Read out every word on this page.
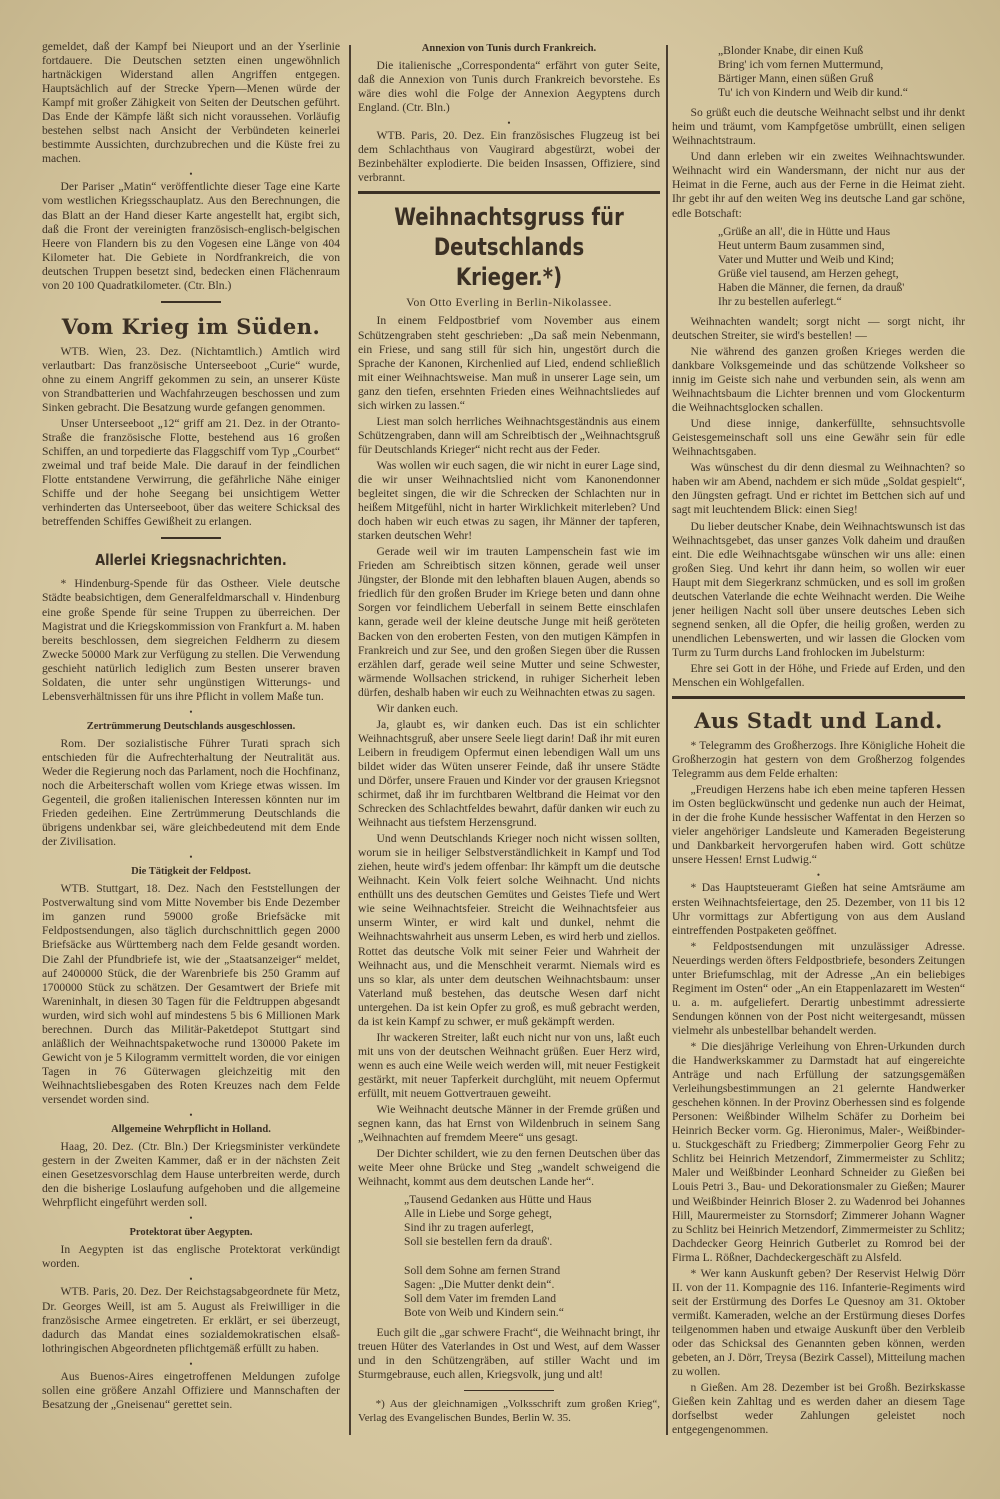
gemeldet, daß der Kampf bei Nieuport und an der Yserlinie fortdauere. Die Deutschen setzten einen ungewöhnlich hartnäckigen Widerstand allen Angriffen entgegen. Hauptsächlich auf der Strecke Ypern—Menen würde der Kampf mit großer Zähigkeit von Seiten der Deutschen geführt. Das Ende der Kämpfe läßt sich nicht voraussehen. Vorläufig bestehen selbst nach Ansicht der Verbündeten keinerlei bestimmte Aussichten, durchzubrechen und die Küste frei zu machen.
•
Der Pariser „Matin“ veröffentlichte dieser Tage eine Karte vom westlichen Kriegsschauplatz. Aus den Berechnungen, die das Blatt an der Hand dieser Karte angestellt hat, ergibt sich, daß die Front der vereinigten französisch-englisch-belgischen Heere von Flandern bis zu den Vogesen eine Länge von 404 Kilometer hat. Die Gebiete in Nordfrankreich, die von deutschen Truppen besetzt sind, bedecken einen Flächenraum von 20 100 Quadratkilometer. (Ctr. Bln.)
Vom Krieg im Süden.
WTB. Wien, 23. Dez. (Nichtamtlich.) Amtlich wird verlautbart: Das französische Unterseeboot „Curie“ wurde, ohne zu einem Angriff gekommen zu sein, an unserer Küste von Strandbatterien und Wachfahrzeugen beschossen und zum Sinken gebracht. Die Besatzung wurde gefangen genommen.
Unser Unterseeboot „12“ griff am 21. Dez. in der Otranto-Straße die französische Flotte, bestehend aus 16 großen Schiffen, an und torpedierte das Flaggschiff vom Typ „Courbet“ zweimal und traf beide Male. Die darauf in der feindlichen Flotte entstandene Verwirrung, die gefährliche Nähe einiger Schiffe und der hohe Seegang bei unsichtigem Wetter verhinderten das Unterseeboot, über das weitere Schicksal des betreffenden Schiffes Gewißheit zu erlangen.
Allerlei Kriegsnachrichten.
* Hindenburg-Spende für das Ostheer. Viele deutsche Städte beabsichtigen, dem Generalfeldmarschall v. Hindenburg eine große Spende für seine Truppen zu überreichen. Der Magistrat und die Kriegskommission von Frankfurt a. M. haben bereits beschlossen, dem siegreichen Feldherrn zu diesem Zwecke 50000 Mark zur Verfügung zu stellen. Die Verwendung geschieht natürlich lediglich zum Besten unserer braven Soldaten, die unter sehr ungünstigen Witterungs- und Lebensverhältnissen für uns ihre Pflicht in vollem Maße tun.
•
Zertrümmerung Deutschlands ausgeschlossen.
Rom. Der sozialistische Führer Turati sprach sich entschieden für die Aufrechterhaltung der Neutralität aus. Weder die Regierung noch das Parlament, noch die Hochfinanz, noch die Arbeiterschaft wollen vom Kriege etwas wissen. Im Gegenteil, die großen italienischen Interessen könnten nur im Frieden gedeihen. Eine Zertrümmerung Deutschlands die übrigens undenkbar sei, wäre gleichbedeutend mit dem Ende der Zivilisation.
•
Die Tätigkeit der Feldpost.
WTB. Stuttgart, 18. Dez. Nach den Feststellungen der Postverwaltung sind vom Mitte November bis Ende Dezember im ganzen rund 59000 große Briefsäcke mit Feldpostsendungen, also täglich durchschnittlich gegen 2000 Briefsäcke aus Württemberg nach dem Felde gesandt worden. Die Zahl der Pfundbriefe ist, wie der „Staatsanzeiger“ meldet, auf 2400000 Stück, die der Warenbriefe bis 250 Gramm auf 1700000 Stück zu schätzen. Der Gesamtwert der Briefe mit Wareninhalt, in diesen 30 Tagen für die Feldtruppen abgesandt wurden, wird sich wohl auf mindestens 5 bis 6 Millionen Mark berechnen. Durch das Militär-Paketdepot Stuttgart sind anläßlich der Weihnachtspaketwoche rund 130000 Pakete im Gewicht von je 5 Kilogramm vermittelt worden, die vor einigen Tagen in 76 Güterwagen gleichzeitig mit den Weihnachtsliebesgaben des Roten Kreuzes nach dem Felde versendet worden sind.
•
Allgemeine Wehrpflicht in Holland.
Haag, 20. Dez. (Ctr. Bln.) Der Kriegsminister verkündete gestern in der Zweiten Kammer, daß er in der nächsten Zeit einen Gesetzesvorschlag dem Hause unterbreiten werde, durch den die bisherige Loslaufung aufgehoben und die allgemeine Wehrpflicht eingeführt werden soll.
•
Protektorat über Aegypten.
In Aegypten ist das englische Protektorat verkündigt worden.
•
WTB. Paris, 20. Dez. Der Reichstagsabgeordnete für Metz, Dr. Georges Weill, ist am 5. August als Freiwilliger in die französische Armee eingetreten. Er erklärt, er sei überzeugt, dadurch das Mandat eines sozialdemokratischen elsaß-lothringischen Abgeordneten pflichtgemäß erfüllt zu haben.
•
Aus Buenos-Aires eingetroffenen Meldungen zufolge sollen eine größere Anzahl Offiziere und Mannschaften der Besatzung der „Gneisenau“ gerettet sein.
Annexion von Tunis durch Frankreich.
Die italienische „Correspondenta“ erfährt von guter Seite, daß die Annexion von Tunis durch Frankreich bevorstehe. Es wäre dies wohl die Folge der Annexion Aegyptens durch England. (Ctr. Bln.)
•
WTB. Paris, 20. Dez. Ein französisches Flugzeug ist bei dem Schlachthaus von Vaugirard abgestürzt, wobei der Bezinbehälter explodierte. Die beiden Insassen, Offiziere, sind verbrannt.
Weihnachtsgruss für Deutschlands Krieger.*)
Von Otto Everling in Berlin-Nikolassee.
In einem Feldpostbrief vom November aus einem Schützengraben steht geschrieben: „Da saß mein Nebenmann, ein Friese, und sang still für sich hin, ungestört durch die Sprache der Kanonen, Kirchenlied auf Lied, endend schließlich mit einer Weihnachtsweise. Man muß in unserer Lage sein, um ganz den tiefen, ersehnten Frieden eines Weihnachtsliedes auf sich wirken zu lassen.“
Liest man solch herrliches Weihnachtsgeständnis aus einem Schützengraben, dann will am Schreibtisch der „Weihnachtsgruß für Deutschlands Krieger“ nicht recht aus der Feder.
Was wollen wir euch sagen, die wir nicht in eurer Lage sind, die wir unser Weihnachtslied nicht vom Kanonendonner begleitet singen, die wir die Schrecken der Schlachten nur in heißem Mitgefühl, nicht in harter Wirklichkeit miterleben? Und doch haben wir euch etwas zu sagen, ihr Männer der tapferen, starken deutschen Wehr!
Gerade weil wir im trauten Lampenschein fast wie im Frieden am Schreibtisch sitzen können, gerade weil unser Jüngster, der Blonde mit den lebhaften blauen Augen, abends so friedlich für den großen Bruder im Kriege beten und dann ohne Sorgen vor feindlichem Ueberfall in seinem Bette einschlafen kann, gerade weil der kleine deutsche Junge mit heiß geröteten Backen von den eroberten Festen, von den mutigen Kämpfen in Frankreich und zur See, und den großen Siegen über die Russen erzählen darf, gerade weil seine Mutter und seine Schwester, wärmende Wollsachen strickend, in ruhiger Sicherheit leben dürfen, deshalb haben wir euch zu Weihnachten etwas zu sagen.
Wir danken euch.
Ja, glaubt es, wir danken euch. Das ist ein schlichter Weihnachtsgruß, aber unsere Seele liegt darin! Daß ihr mit euren Leibern in freudigem Opfermut einen lebendigen Wall um uns bildet wider das Wüten unserer Feinde, daß ihr unsere Städte und Dörfer, unsere Frauen und Kinder vor der grausen Kriegsnot schirmet, daß ihr im furchtbaren Weltbrand die Heimat vor den Schrecken des Schlachtfeldes bewahrt, dafür danken wir euch zu Weihnacht aus tiefstem Herzensgrund.
Und wenn Deutschlands Krieger noch nicht wissen sollten, worum sie in heiliger Selbstverständlichkeit in Kampf und Tod ziehen, heute wird's jedem offenbar: Ihr kämpft um die deutsche Weihnacht. Kein Volk feiert solche Weihnacht. Und nichts enthüllt uns des deutschen Gemütes und Geistes Tiefe und Wert wie seine Weihnachtsfeier. Streicht die Weihnachtsfeier aus unserm Winter, er wird kalt und dunkel, nehmt die Weihnachtswahrheit aus unserm Leben, es wird herb und ziellos. Rottet das deutsche Volk mit seiner Feier und Wahrheit der Weihnacht aus, und die Menschheit verarmt. Niemals wird es uns so klar, als unter dem deutschen Weihnachtsbaum: unser Vaterland muß bestehen, das deutsche Wesen darf nicht untergehen. Da ist kein Opfer zu groß, es muß gebracht werden, da ist kein Kampf zu schwer, er muß gekämpft werden.
Ihr wackeren Streiter, laßt euch nicht nur von uns, laßt euch mit uns von der deutschen Weihnacht grüßen. Euer Herz wird, wenn es auch eine Weile weich werden will, mit neuer Festigkeit gestärkt, mit neuer Tapferkeit durchglüht, mit neuem Opfermut erfüllt, mit neuem Gottvertrauen geweiht.
Wie Weihnacht deutsche Männer in der Fremde grüßen und segnen kann, das hat Ernst von Wildenbruch in seinem Sang „Weihnachten auf fremdem Meere“ uns gesagt.
Der Dichter schildert, wie zu den fernen Deutschen über das weite Meer ohne Brücke und Steg „wandelt schweigend die Weihnacht, kommt aus dem deutschen Lande her“.
„Tausend Gedanken aus Hütte und Haus
Alle in Liebe und Sorge gehegt,
Sind ihr zu tragen auferlegt,
Soll sie bestellen fern da drauß'.

Soll dem Sohne am fernen Strand
Sagen: „Die Mutter denkt dein“.
Soll dem Vater im fremden Land
Bote von Weib und Kindern sein.“
Euch gilt die „gar schwere Fracht“, die Weihnacht bringt, ihr treuen Hüter des Vaterlandes in Ost und West, auf dem Wasser und in den Schützengräben, auf stiller Wacht und im Sturmgebrause, euch allen, Kriegsvolk, jung und alt!
*) Aus der gleichnamigen „Volksschrift zum großen Krieg“, Verlag des Evangelischen Bundes, Berlin W. 35.
„Blonder Knabe, dir einen Kuß
Bring' ich vom fernen Muttermund,
Bärtiger Mann, einen süßen Gruß
Tu' ich von Kindern und Weib dir kund.“
So grüßt euch die deutsche Weihnacht selbst und ihr denkt heim und träumt, vom Kampfgetöse umbrüllt, einen seligen Weihnachtstraum.
Und dann erleben wir ein zweites Weihnachtswunder. Weihnacht wird ein Wandersmann, der nicht nur aus der Heimat in die Ferne, auch aus der Ferne in die Heimat zieht. Ihr gebt ihr auf den weiten Weg ins deutsche Land gar schöne, edle Botschaft:
„Grüße an all', die in Hütte und Haus
Heut unterm Baum zusammen sind,
Vater und Mutter und Weib und Kind;
Grüße viel tausend, am Herzen gehegt,
Haben die Männer, die fernen, da drauß'
Ihr zu bestellen auferlegt.“
Weihnachten wandelt; sorgt nicht — sorgt nicht, ihr deutschen Streiter, sie wird's bestellen! —
Nie während des ganzen großen Krieges werden die dankbare Volksgemeinde und das schützende Volksheer so innig im Geiste sich nahe und verbunden sein, als wenn am Weihnachtsbaum die Lichter brennen und vom Glockenturm die Weihnachtsglocken schallen.
Und diese innige, dankerfüllte, sehnsuchtsvolle Geistesgemeinschaft soll uns eine Gewähr sein für edle Weihnachtsgaben.
Was wünschest du dir denn diesmal zu Weihnachten? so haben wir am Abend, nachdem er sich müde „Soldat gespielt“, den Jüngsten gefragt. Und er richtet im Bettchen sich auf und sagt mit leuchtendem Blick: einen Sieg!
Du lieber deutscher Knabe, dein Weihnachtswunsch ist das Weihnachtsgebet, das unser ganzes Volk daheim und draußen eint. Die edle Weihnachtsgabe wünschen wir uns alle: einen großen Sieg. Und kehrt ihr dann heim, so wollen wir euer Haupt mit dem Siegerkranz schmücken, und es soll im großen deutschen Vaterlande die echte Weihnacht werden. Die Weihe jener heiligen Nacht soll über unsere deutsches Leben sich segnend senken, all die Opfer, die heilig großen, werden zu unendlichen Lebenswerten, und wir lassen die Glocken vom Turm zu Turm durchs Land frohlocken im Jubelsturm:
Ehre sei Gott in der Höhe, und Friede auf Erden, und den Menschen ein Wohlgefallen.
Aus Stadt und Land.
* Telegramm des Großherzogs. Ihre Königliche Hoheit die Großherzogin hat gestern von dem Großherzog folgendes Telegramm aus dem Felde erhalten:
„Freudigen Herzens habe ich eben meine tapferen Hessen im Osten beglückwünscht und gedenke nun auch der Heimat, in der die frohe Kunde hessischer Waffentat in den Herzen so vieler angehöriger Landsleute und Kameraden Begeisterung und Dankbarkeit hervorgerufen haben wird. Gott schütze unsere Hessen! Ernst Ludwig.“
•
* Das Hauptsteueramt Gießen hat seine Amtsräume am ersten Weihnachtsfeiertage, den 25. Dezember, von 11 bis 12 Uhr vormittags zur Abfertigung von aus dem Ausland eintreffenden Postpaketen geöffnet.
* Feldpostsendungen mit unzulässiger Adresse. Neuerdings werden öfters Feldpostbriefe, besonders Zeitungen unter Briefumschlag, mit der Adresse „An ein beliebiges Regiment im Osten“ oder „An ein Etappenlazarett im Westen“ u. a. m. aufgeliefert. Derartig unbestimmt adressierte Sendungen können von der Post nicht weitergesandt, müssen vielmehr als unbestellbar behandelt werden.
* Die diesjährige Verleihung von Ehren-Urkunden durch die Handwerkskammer zu Darmstadt hat auf eingereichte Anträge und nach Erfüllung der satzungsgemäßen Verleihungsbestimmungen an 21 gelernte Handwerker geschehen können. In der Provinz Oberhessen sind es folgende Personen: Weißbinder Wilhelm Schäfer zu Dorheim bei Heinrich Becker vorm. Gg. Hieronimus, Maler-, Weißbinder- u. Stuckgeschäft zu Friedberg; Zimmerpolier Georg Fehr zu Schlitz bei Heinrich Metzendorf, Zimmermeister zu Schlitz; Maler und Weißbinder Leonhard Schneider zu Gießen bei Louis Petri 3., Bau- und Dekorationsmaler zu Gießen; Maurer und Weißbinder Heinrich Bloser 2. zu Wadenrod bei Johannes Hill, Maurermeister zu Stornsdorf; Zimmerer Johann Wagner zu Schlitz bei Heinrich Metzendorf, Zimmermeister zu Schlitz; Dachdecker Georg Heinrich Gutberlet zu Romrod bei der Firma L. Rößner, Dachdeckergeschäft zu Alsfeld.
* Wer kann Auskunft geben? Der Reservist Helwig Dörr II. von der 11. Kompagnie des 116. Infanterie-Regiments wird seit der Erstürmung des Dorfes Le Quesnoy am 31. Oktober vermißt. Kameraden, welche an der Erstürmung dieses Dorfes teilgenommen haben und etwaige Auskunft über den Verbleib oder das Schicksal des Genannten geben können, werden gebeten, an J. Dörr, Treysa (Bezirk Cassel), Mitteilung machen zu wollen.
n Gießen. Am 28. Dezember ist bei Großh. Bezirkskasse Gießen kein Zahltag und es werden daher an diesem Tage dorfselbst weder Zahlungen geleistet noch entgegengenommen.
